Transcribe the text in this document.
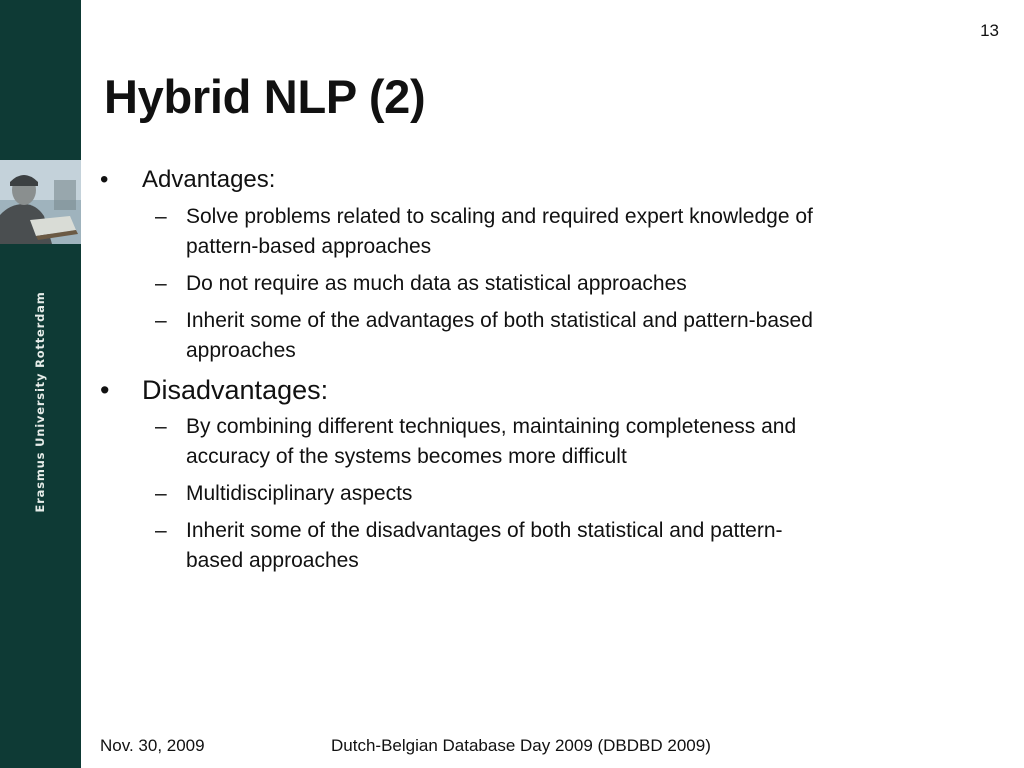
Erasmus University Rotterdam
13
Hybrid NLP (2)
• Advantages:
– Solve problems related to scaling and required expert knowledge of
pattern-based approaches
– Do not require as much data as statistical approaches
– Inherit some of the advantages of both statistical and pattern-based
approaches
• Disadvantages:
– By combining different techniques, maintaining completeness and
accuracy of the systems becomes more difficult
– Multidisciplinary aspects
– Inherit some of the disadvantages of both statistical and pattern-
based approaches
Nov. 30, 2009	Dutch-Belgian Database Day 2009 (DBDBD 2009)
